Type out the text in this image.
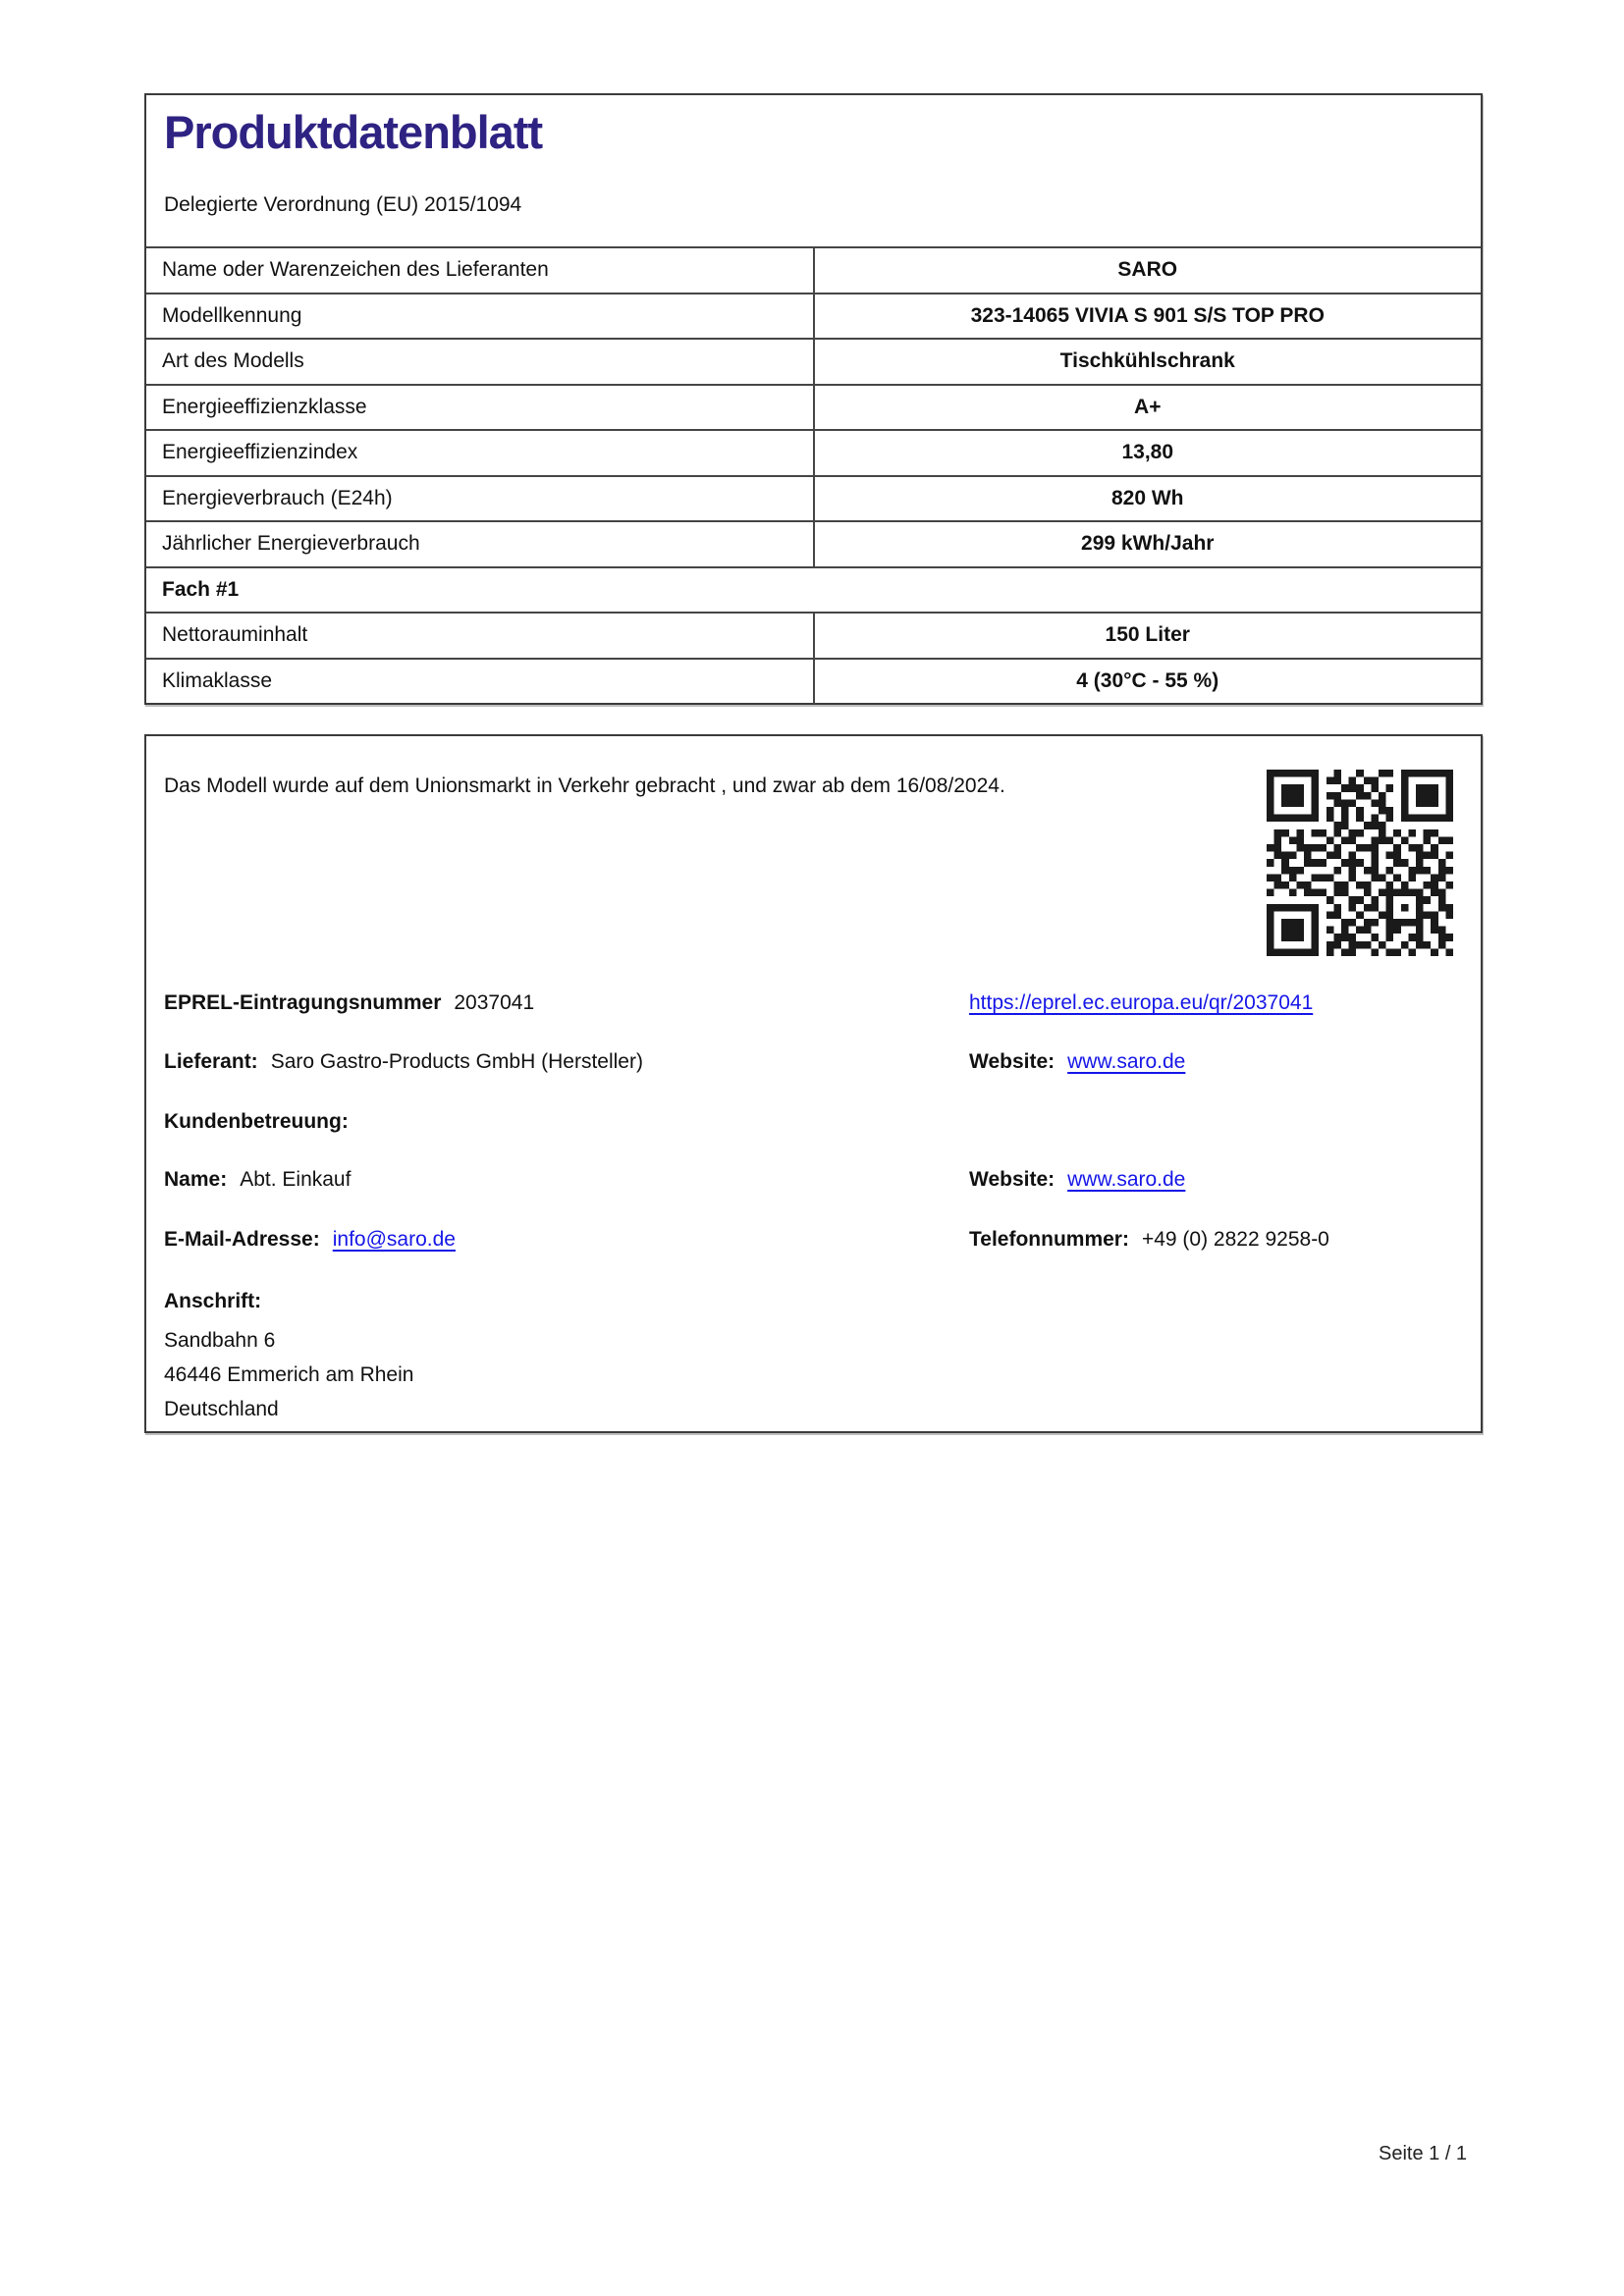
Produktdatenblatt
Delegierte Verordnung (EU) 2015/1094
Name oder Warenzeichen des Lieferanten	SARO
Modellkennung	323-14065 VIVIA S 901 S/S TOP PRO
Art des Modells	Tischkühlschrank
Energieeffizienzklasse	A+
Energieeffizienzindex	13,80
Energieverbrauch (E24h)	820 Wh
Jährlicher Energieverbrauch	299 kWh/Jahr
Fach #1	
Nettorauminhalt	150 Liter
Klimaklasse	4 (30°C - 55 %)
Das Modell wurde auf dem Unionsmarkt in Verkehr gebracht , und zwar ab dem 16/08/2024.
EPREL-Eintragungsnummer 2037041	https://eprel.ec.europa.eu/qr/2037041
Lieferant: Saro Gastro-Products GmbH (Hersteller)	Website: www.saro.de
Kundenbetreuung:
Name: Abt. Einkauf	Website: www.saro.de
E-Mail-Adresse: info@saro.de	Telefonnummer: +49 (0) 2822 9258-0
Anschrift:
Sandbahn 6
46446 Emmerich am Rhein
Deutschland
Seite 1 / 1
